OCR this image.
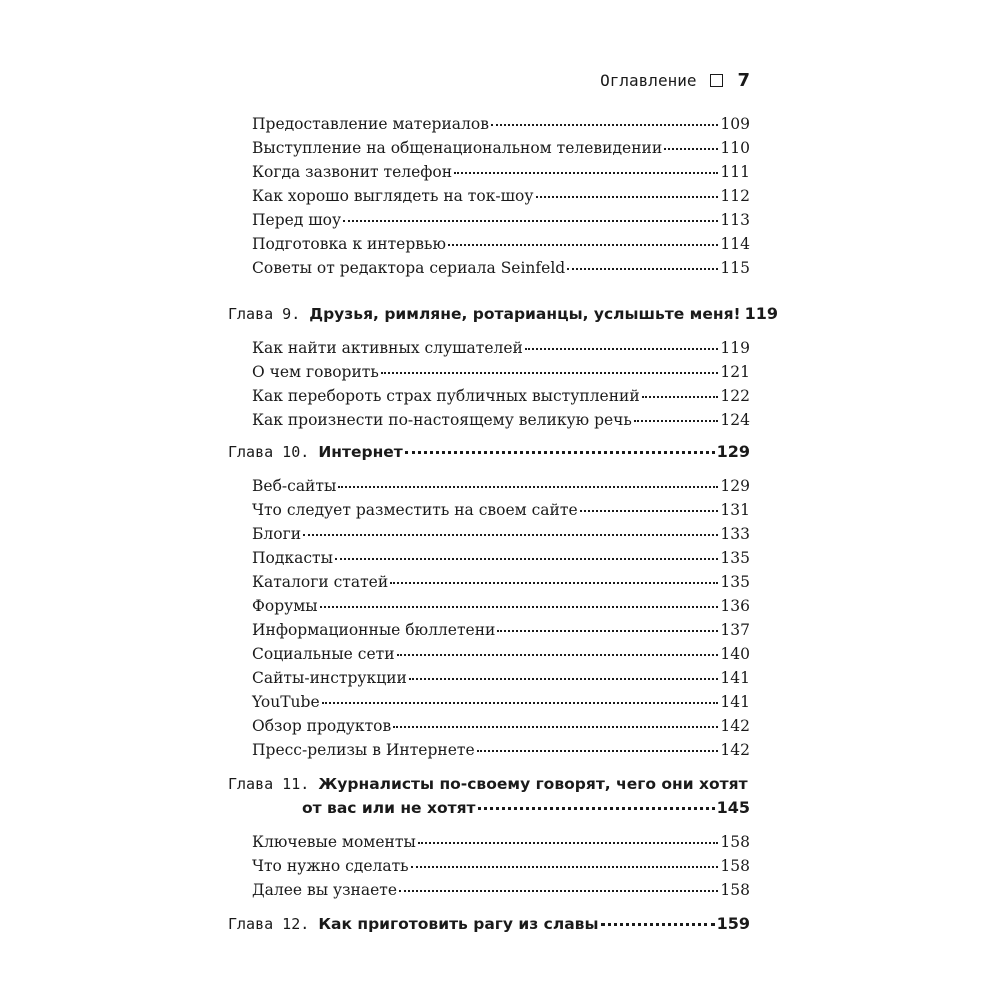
Оглавление 7
Предоставление материалов	109
Выступление на общенациональном телевидении	110
Когда зазвонит телефон	111
Как хорошо выглядеть на ток-шоу	112
Перед шоу	113
Подготовка к интервью	114
Советы от редактора сериала Seinfeld	115
Глава 9. Друзья, римляне, ротарианцы, услышьте меня! 119
Как найти активных слушателей	119
О чем говорить	121
Как перебороть страх публичных выступлений	122
Как произнести по-настоящему великую речь	124
Глава 10. Интернет	129
Веб-сайты	129
Что следует разместить на своем сайте	131
Блоги	133
Подкасты	135
Каталоги статей	135
Форумы	136
Информационные бюллетени	137
Социальные сети	140
Сайты-инструкции	141
YouTube	141
Обзор продуктов	142
Пресс-релизы в Интернете	142
Глава 11. Журналисты по-своему говорят, чего они хотят
от вас или не хотят	145
Ключевые моменты	158
Что нужно сделать	158
Далее вы узнаете	158
Глава 12. Как приготовить рагу из славы	159
